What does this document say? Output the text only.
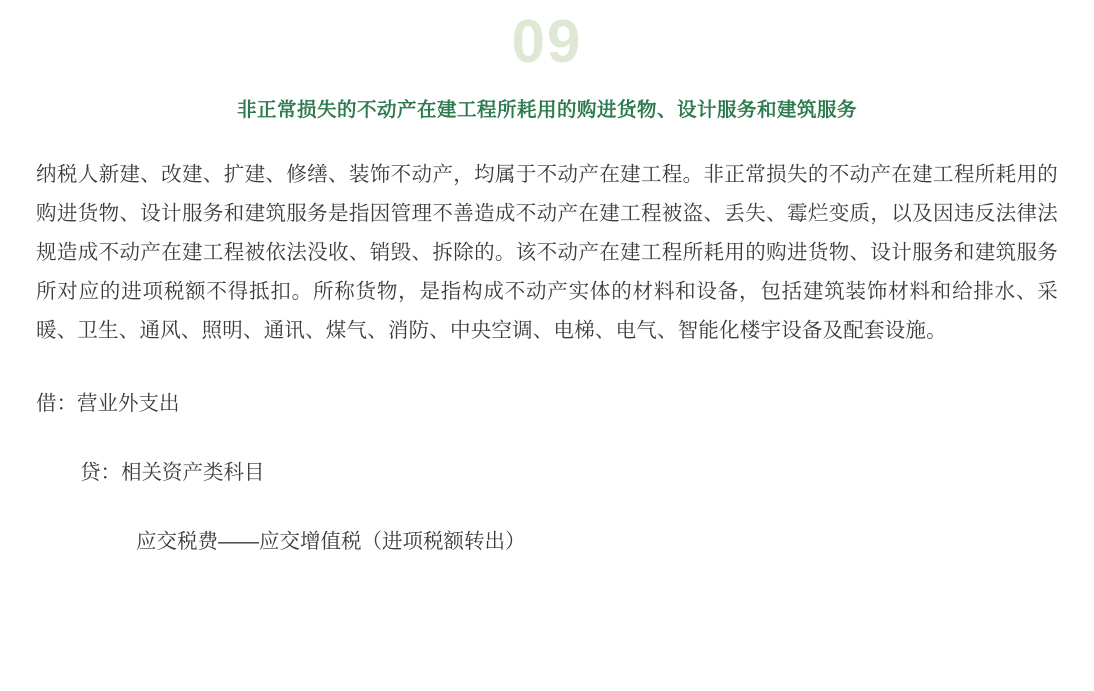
09
非正常损失的不动产在建工程所耗用的购进货物、设计服务和建筑服务

纳税人新建、改建、扩建、修缮、装饰不动产，均属于不动产在建工程。非正常损失的不动产在建工程所耗用的购进货物、设计服务和建筑服务是指因管理不善造成不动产在建工程被盗、丢失、霉烂变质，以及因违反法律法规造成不动产在建工程被依法没收、销毁、拆除的。该不动产在建工程所耗用的购进货物、设计服务和建筑服务所对应的进项税额不得抵扣。所称货物，是指构成不动产实体的材料和设备，包括建筑装饰材料和给排水、采暖、卫生、通风、照明、通讯、煤气、消防、中央空调、电梯、电气、智能化楼宇设备及配套设施。

借：营业外支出

贷：相关资产类科目

应交税费——应交增值税（进项税额转出）
